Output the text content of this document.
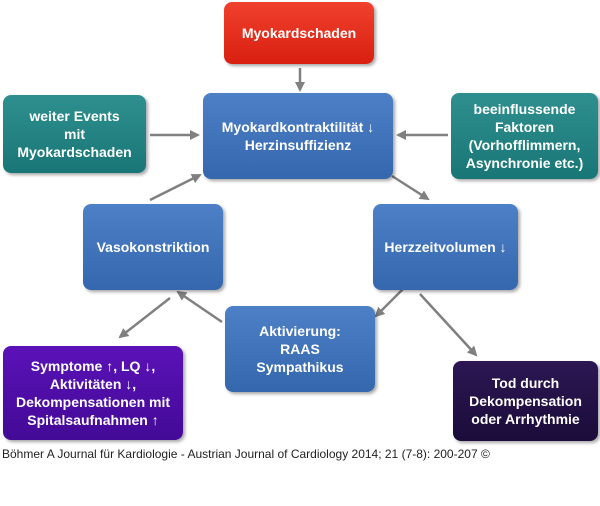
Myokardschaden
Myokardkontraktilität ↓
Herzinsuffizienz
weiter Events
mit
Myokardschaden
beeinflussende
Faktoren
(Vorhofflimmern,
Asynchronie etc.)
Vasokonstriktion	Herzzeitvolumen ↓
Aktivierung:
RAAS
Sympathikus
Symptome ↑, LQ ↓,
Aktivitäten ↓,
Dekompensationen mit
Spitalsaufnahmen ↑
Tod durch
Dekompensation
oder Arrhythmie
Böhmer A Journal für Kardiologie - Austrian Journal of Cardiology 2014; 21 (7-8): 200-207 ©
